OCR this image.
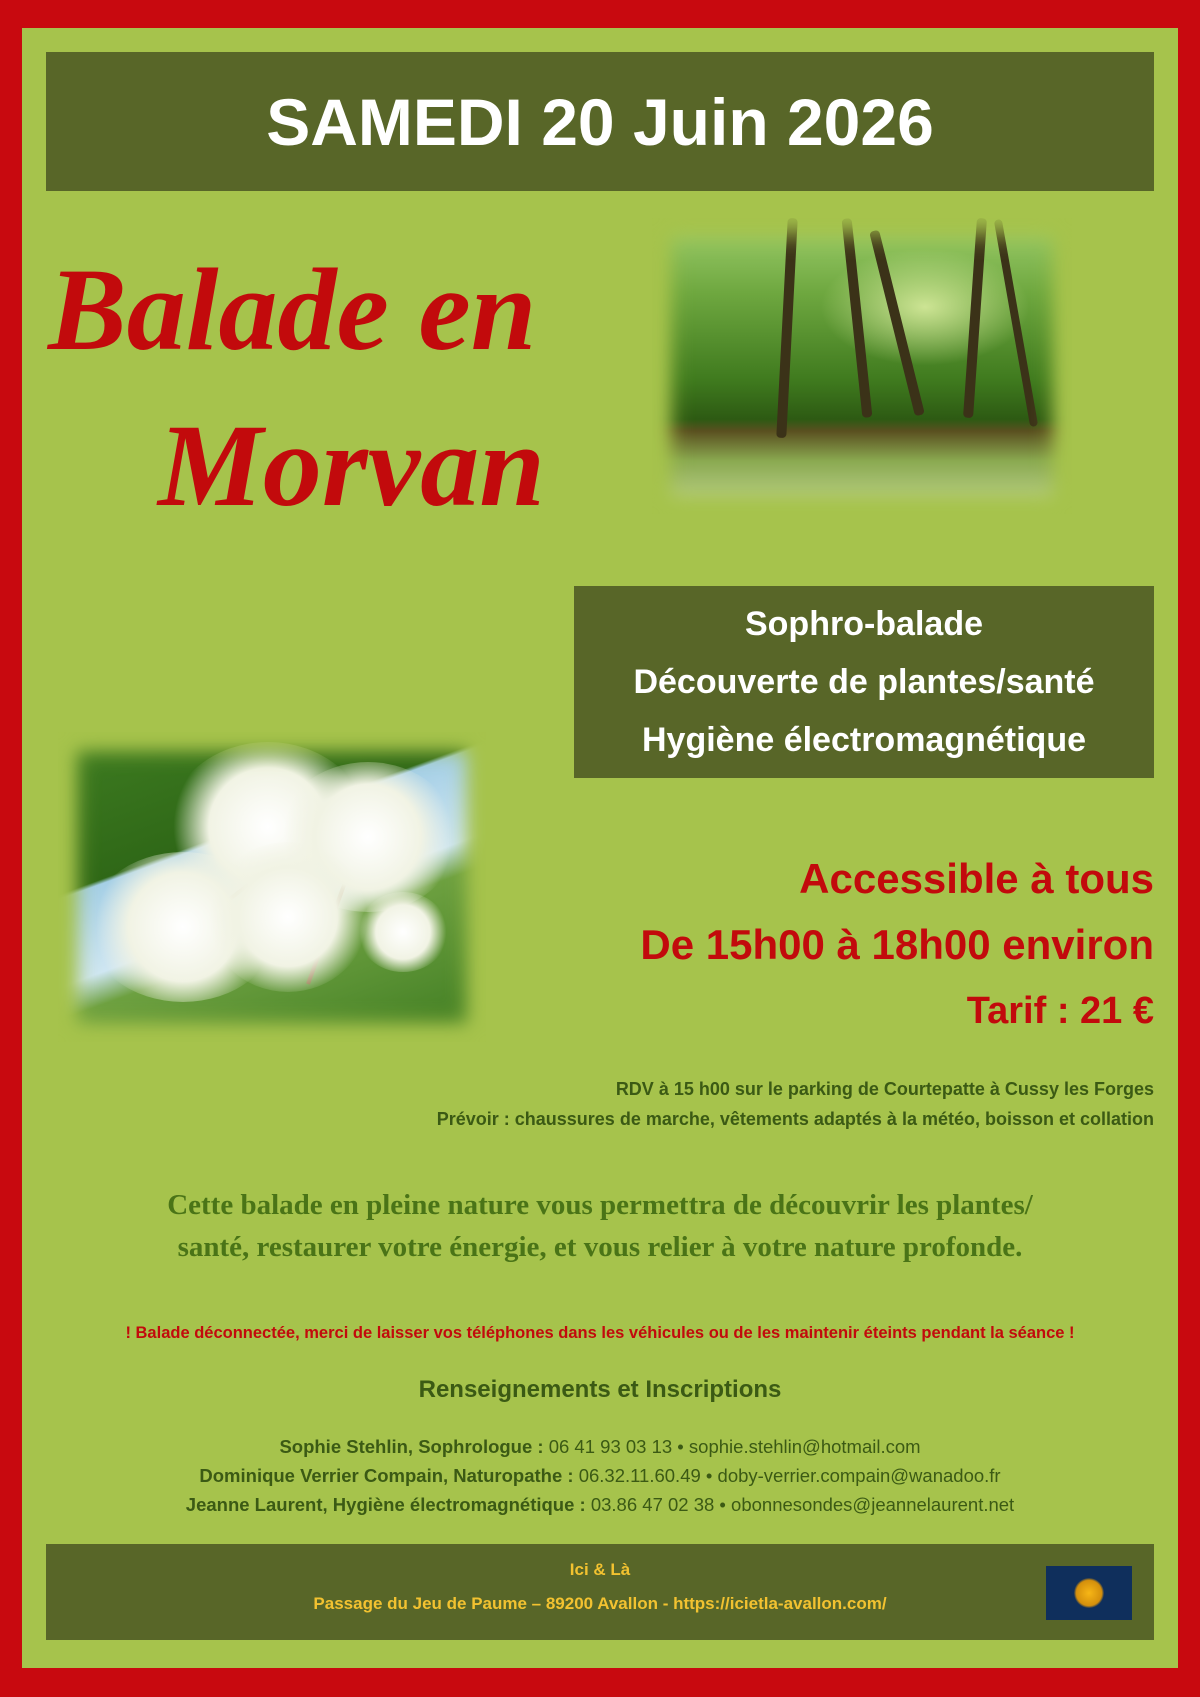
SAMEDI 20 Juin 2026
Balade en
Morvan
Sophro-balade
Découverte de plantes/santé
Hygiène électromagnétique
Accessible à tous
De 15h00 à 18h00 environ
Tarif : 21 €
RDV à 15 h00 sur le parking de Courtepatte à Cussy les Forges
Prévoir : chaussures de marche, vêtements adaptés à la météo, boisson et collation
Cette balade en pleine nature vous permettra de découvrir les plantes/
santé, restaurer votre énergie, et vous relier à votre nature profonde.
! Balade déconnectée, merci de laisser vos téléphones dans les véhicules ou de les maintenir éteints pendant la séance !
Renseignements et Inscriptions
Sophie Stehlin, Sophrologue : 06 41 93 03 13 • sophie.stehlin@hotmail.com
Dominique Verrier Compain, Naturopathe : 06.32.11.60.49 • doby-verrier.compain@wanadoo.fr
Jeanne Laurent, Hygiène électromagnétique : 03.86 47 02 38 • obonnesondes@jeannelaurent.net
Ici & Là
Passage du Jeu de Paume – 89200 Avallon - https://icietla-avallon.com/
